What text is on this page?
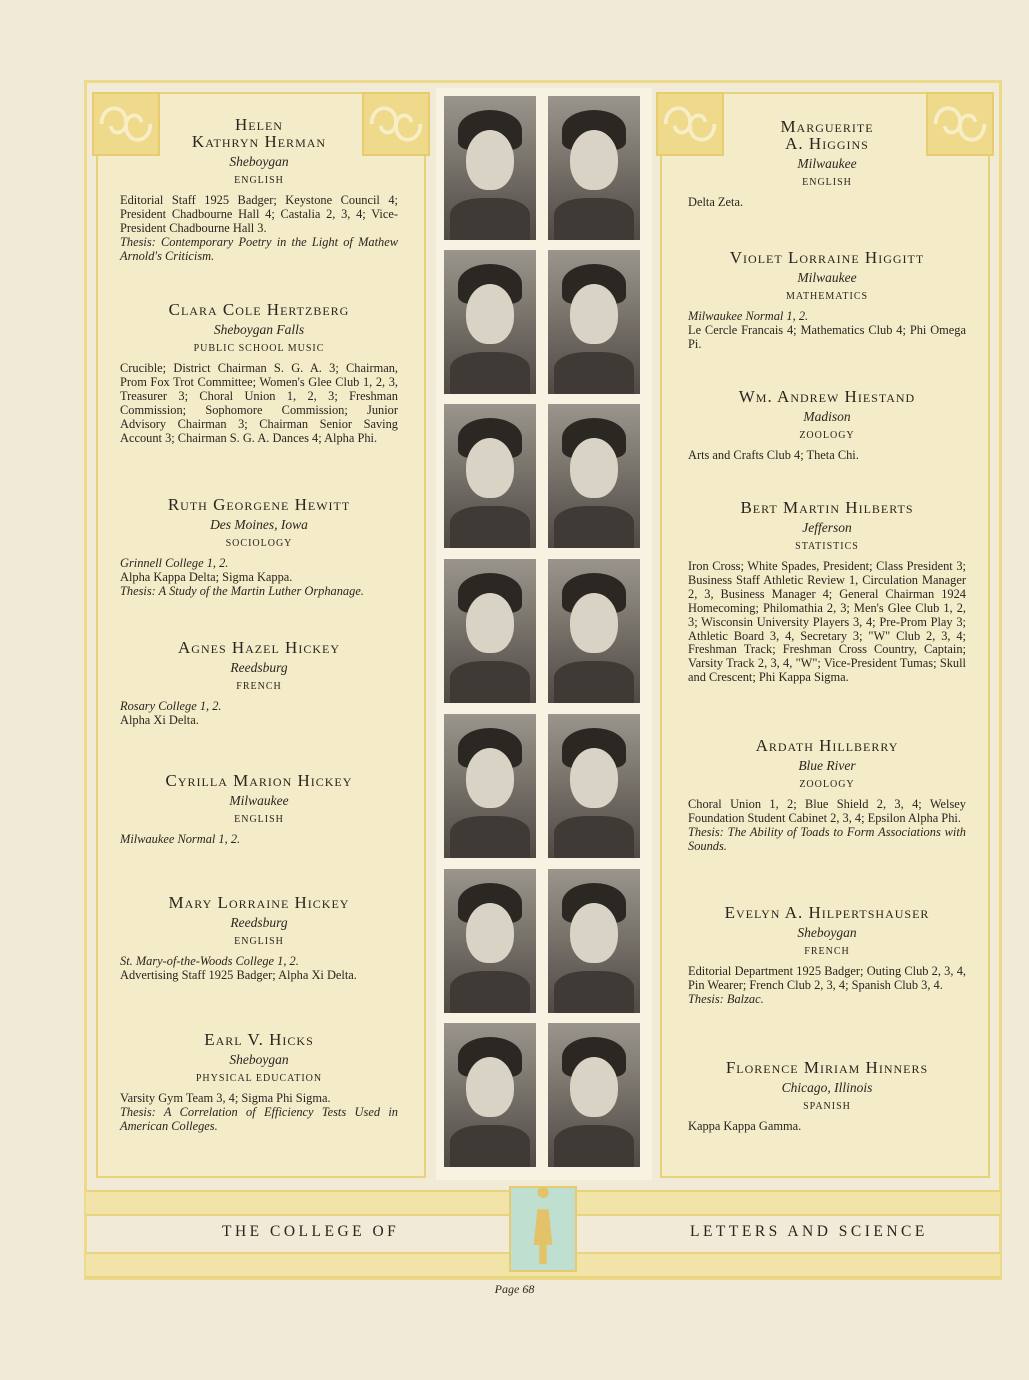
Helen
Kathryn Herman
Sheboygan
ENGLISH
Editorial Staff 1925 Badger; Keystone Council 4; President Chadbourne Hall 4; Castalia 2, 3, 4; Vice-President Chadbourne Hall 3.
Thesis: Contemporary Poetry in the Light of Mathew Arnold's Criticism.
Clara Cole Hertzberg
Sheboygan Falls
PUBLIC SCHOOL MUSIC
Crucible; District Chairman S. G. A. 3; Chairman, Prom Fox Trot Committee; Women's Glee Club 1, 2, 3, Treasurer 3; Choral Union 1, 2, 3; Freshman Commission; Sophomore Commission; Junior Advisory Chairman 3; Chairman Senior Saving Account 3; Chairman S. G. A. Dances 4; Alpha Phi.
Ruth Georgene Hewitt
Des Moines, Iowa
SOCIOLOGY
Grinnell College 1, 2.
Alpha Kappa Delta; Sigma Kappa.
Thesis: A Study of the Martin Luther Orphanage.
Agnes Hazel Hickey
Reedsburg
FRENCH
Rosary College 1, 2.
Alpha Xi Delta.
Cyrilla Marion Hickey
Milwaukee
ENGLISH
Milwaukee Normal 1, 2.
Mary Lorraine Hickey
Reedsburg
ENGLISH
St. Mary-of-the-Woods College 1, 2.
Advertising Staff 1925 Badger; Alpha Xi Delta.
Earl V. Hicks
Sheboygan
PHYSICAL EDUCATION
Varsity Gym Team 3, 4; Sigma Phi Sigma.
Thesis: A Correlation of Efficiency Tests Used in American Colleges.
Marguerite
A. Higgins
Milwaukee
ENGLISH
Delta Zeta.
Violet Lorraine Higgitt
Milwaukee
MATHEMATICS
Milwaukee Normal 1, 2.
Le Cercle Francais 4; Mathematics Club 4; Phi Omega Pi.
Wm. Andrew Hiestand
Madison
ZOOLOGY
Arts and Crafts Club 4; Theta Chi.
Bert Martin Hilberts
Jefferson
STATISTICS
Iron Cross; White Spades, President; Class President 3; Business Staff Athletic Review 1, Circulation Manager 2, 3, Business Manager 4; General Chairman 1924 Homecoming; Philomathia 2, 3; Men's Glee Club 1, 2, 3; Wisconsin University Players 3, 4; Pre-Prom Play 3; Athletic Board 3, 4, Secretary 3; "W" Club 2, 3, 4; Freshman Track; Freshman Cross Country, Captain; Varsity Track 2, 3, 4, "W"; Vice-President Tumas; Skull and Crescent; Phi Kappa Sigma.
Ardath Hillberry
Blue River
ZOOLOGY
Choral Union 1, 2; Blue Shield 2, 3, 4; Welsey Foundation Student Cabinet 2, 3, 4; Epsilon Alpha Phi.
Thesis: The Ability of Toads to Form Associations with Sounds.
Evelyn A. Hilpertshauser
Sheboygan
FRENCH
Editorial Department 1925 Badger; Outing Club 2, 3, 4, Pin Wearer; French Club 2, 3, 4; Spanish Club 3, 4.
Thesis: Balzac.
Florence Miriam Hinners
Chicago, Illinois
SPANISH
Kappa Kappa Gamma.
THE COLLEGE OF	LETTERS AND SCIENCE
Page 68
